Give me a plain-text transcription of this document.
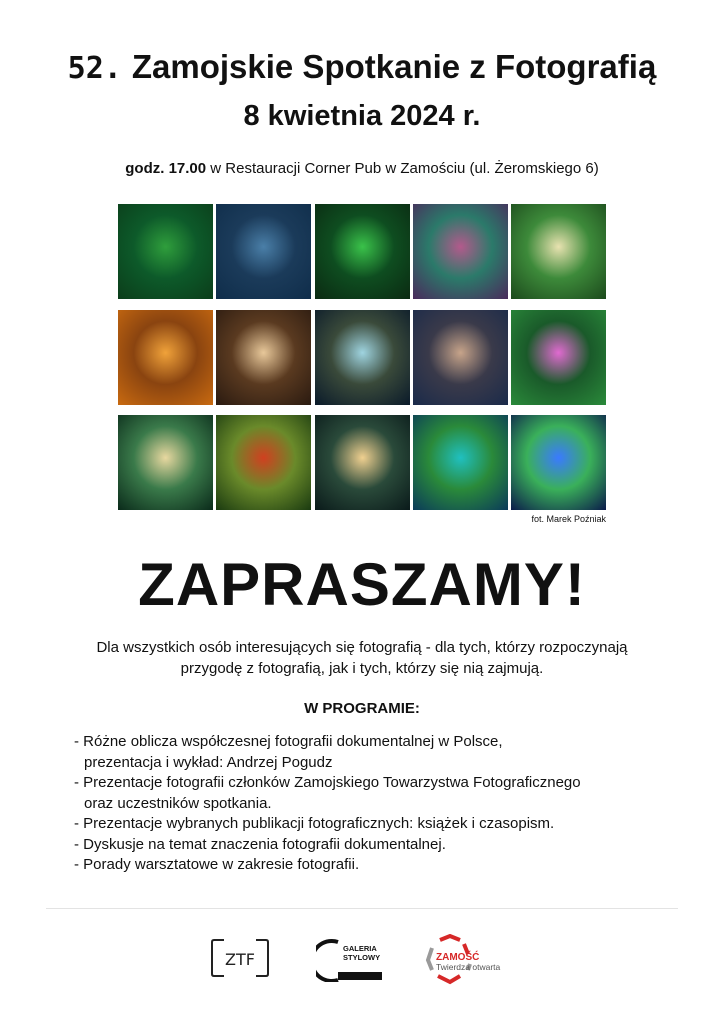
52. Zamojskie Spotkanie z Fotografią
8 kwietnia 2024 r.
godz. 17.00 w Restauracji Corner Pub w Zamościu (ul. Żeromskiego 6)
fot. Marek Poźniak
ZAPRASZAMY!
Dla wszystkich osób interesujących się fotografią - dla tych, którzy rozpoczynają
przygodę z fotografią, jak i tych, którzy się nią zajmują.
W PROGRAMIE:
- Różne oblicza współczesnej fotografii dokumentalnej w Polsce,
prezentacja i wykład: Andrzej Pogudz
- Prezentacje fotografii członków Zamojskiego Towarzystwa Fotograficznego
oraz uczestników spotkania.
- Prezentacje wybranych publikacji fotograficznych: książek i czasopism.
- Dyskusje na temat znaczenia fotografii dokumentalnej.
- Porady warsztatowe w zakresie fotografii.
ZTF
GALERIA
STYLOWY	ZAMOŚĆ
Twierdza otwarta
